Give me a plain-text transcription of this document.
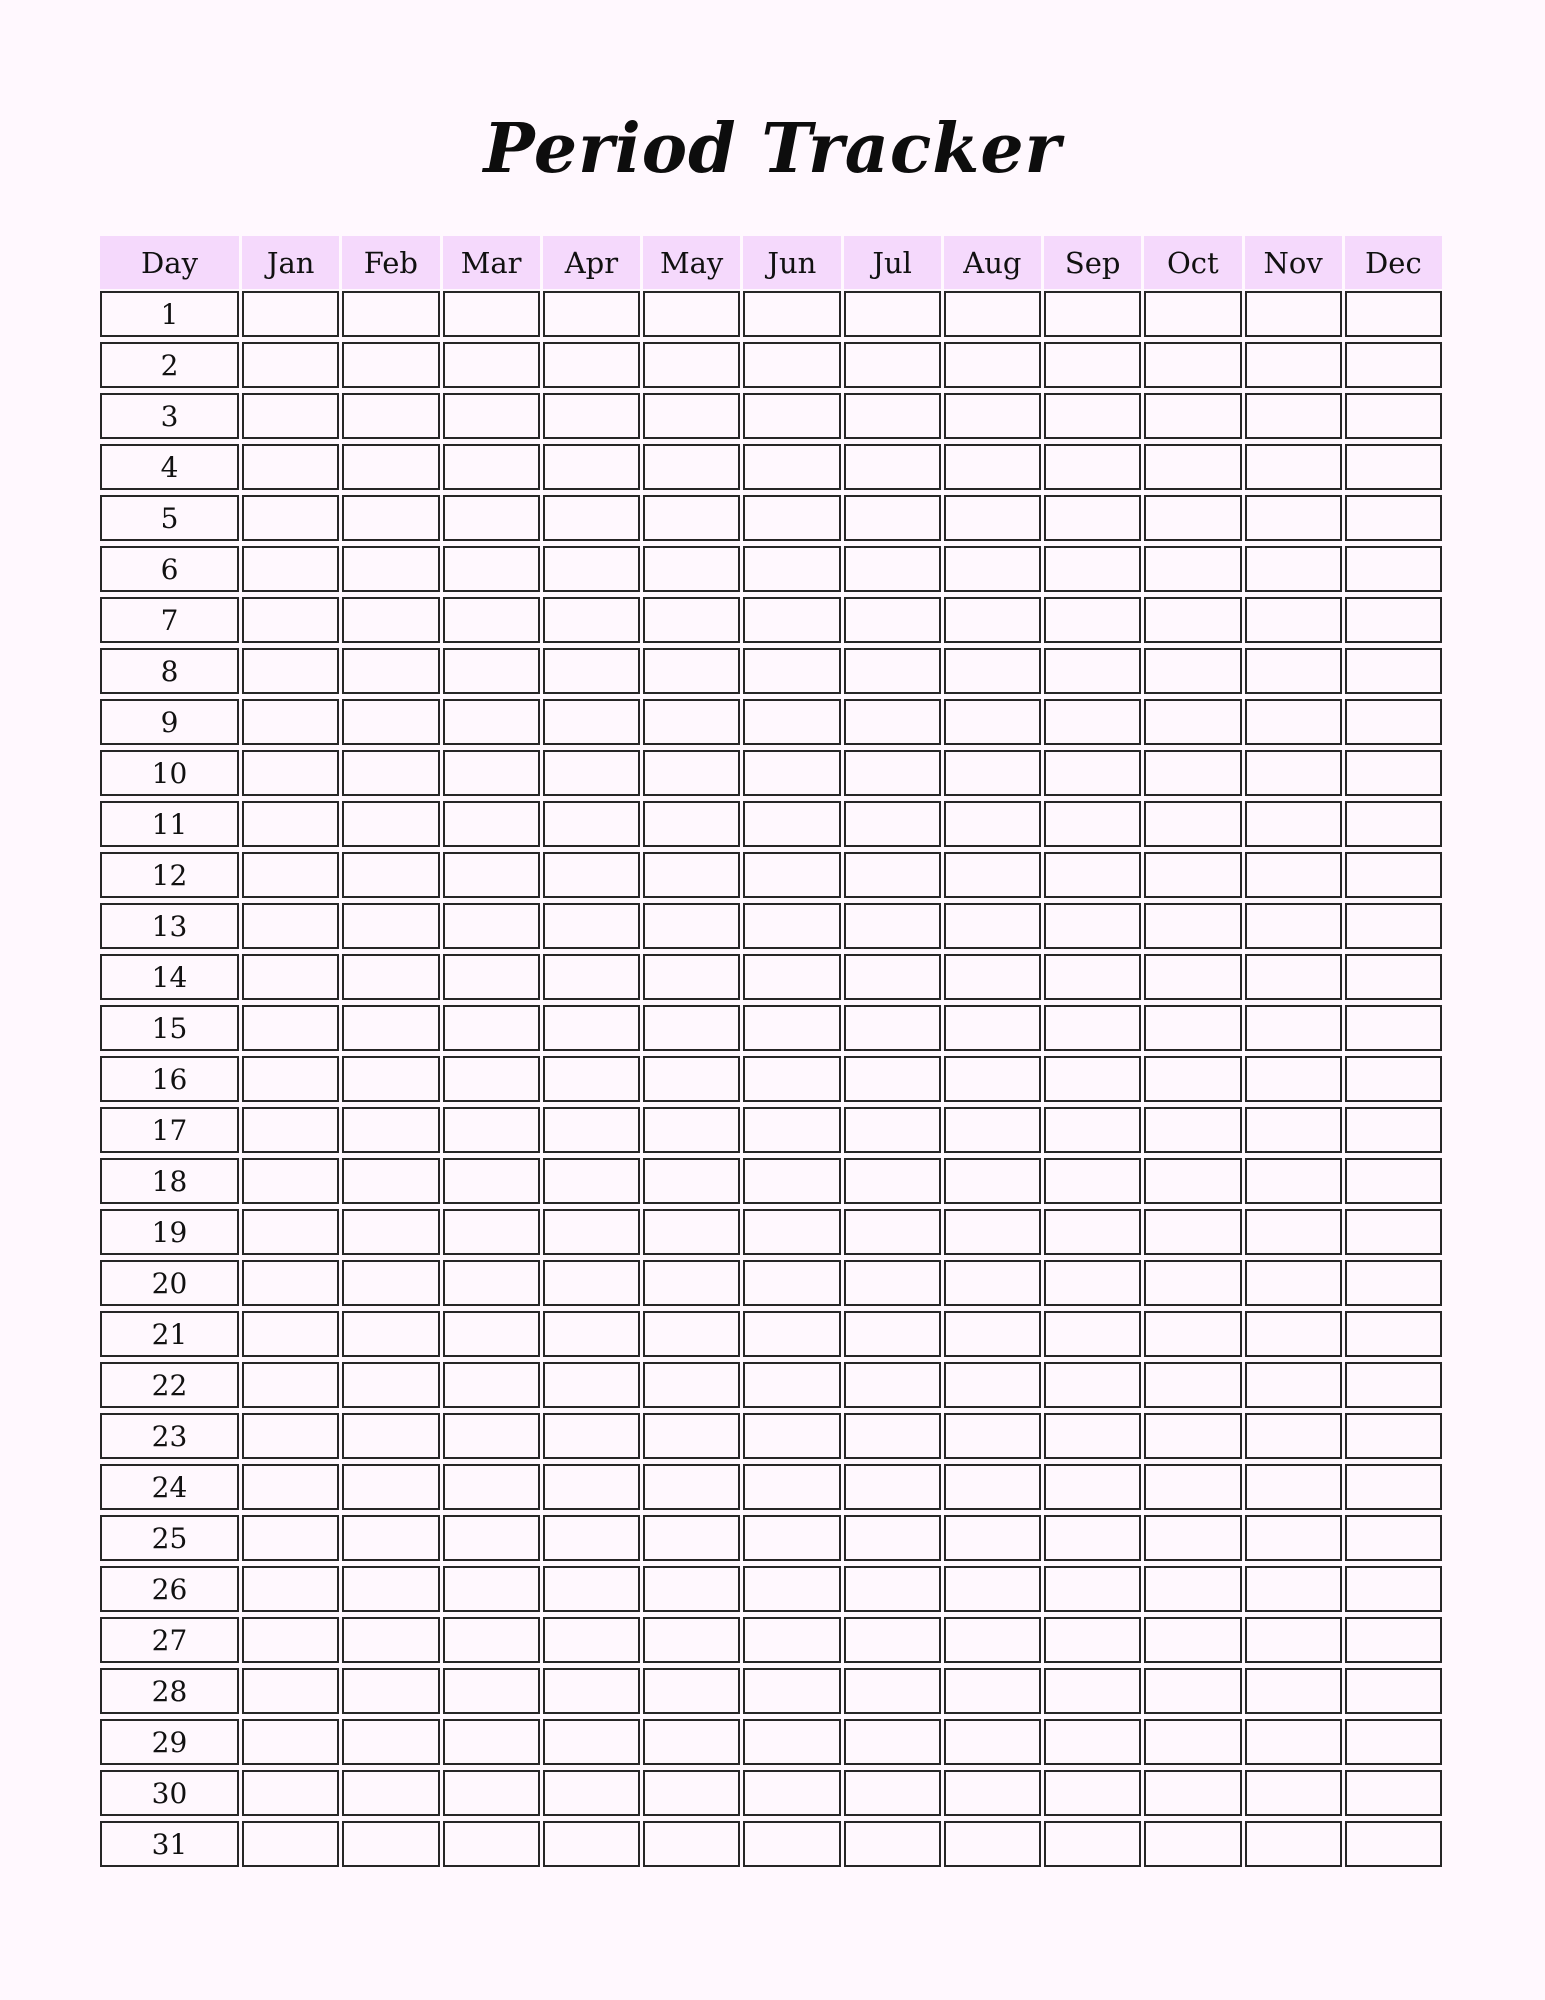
Period Tracker
Day	Jan	Feb	Mar	Apr	May	Jun	Jul	Aug	Sep	Oct	Nov	Dec
1
2
3
4
5
6
7
8
9
10
11
12
13
14
15
16
17
18
19
20
21
22
23
24
25
26
27
28
29
30
31
